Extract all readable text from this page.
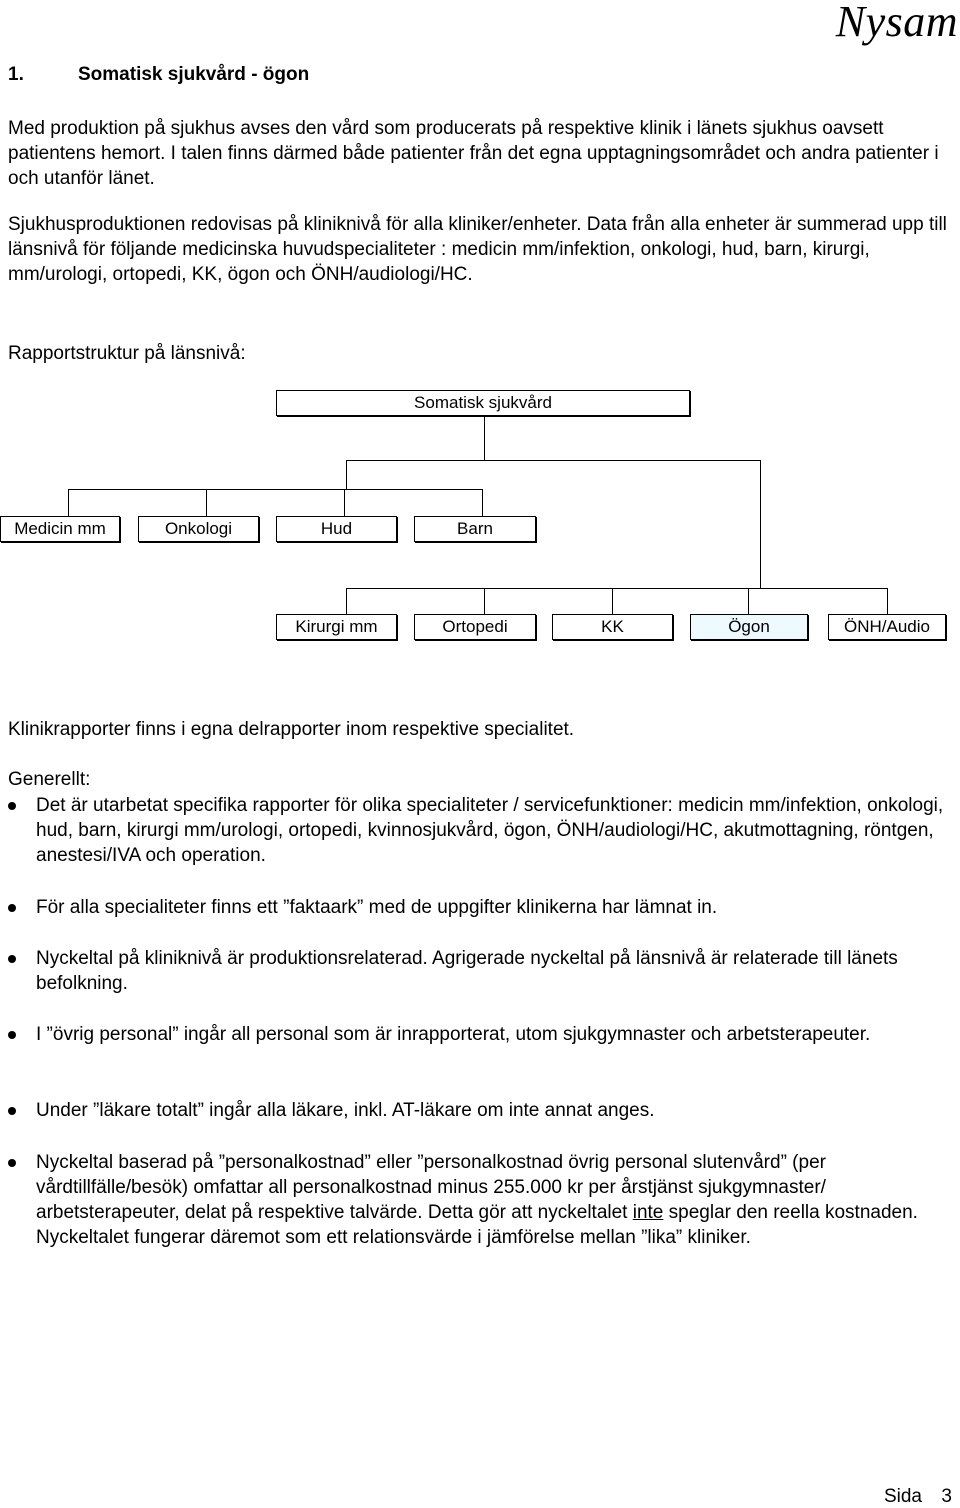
Nysam
1.	Somatisk sjukvård - ögon
Med produktion på sjukhus avses den vård som producerats på respektive klinik i länets sjukhus oavsett patientens hemort. I talen finns därmed både patienter från det egna upptagningsområdet och andra patienter i och utanför länet.
Sjukhusproduktionen redovisas på kliniknivå för alla kliniker/enheter. Data från alla enheter är summerad upp till länsnivå för följande medicinska huvudspecialiteter : medicin mm/infektion, onkologi, hud, barn, kirurgi, mm/urologi, ortopedi, KK, ögon och ÖNH/audiologi/HC.
Rapportstruktur på länsnivå:
Somatisk sjukvård
Medicin mm	Onkologi	Hud	Barn
Kirurgi mm	Ortopedi	KK	Ögon	ÖNH/Audio
Klinikrapporter finns i egna delrapporter inom respektive specialitet.
Generellt:
Det är utarbetat specifika rapporter för olika specialiteter / servicefunktioner: medicin mm/infektion, onkologi, hud, barn, kirurgi mm/urologi, ortopedi, kvinnosjukvård, ögon, ÖNH/audiologi/HC, akutmottagning, röntgen, anestesi/IVA och operation.
För alla specialiteter finns ett ”faktaark” med de uppgifter klinikerna har lämnat in.
Nyckeltal på kliniknivå är produktionsrelaterad. Agrigerade nyckeltal på länsnivå är relaterade till länets befolkning.
I ”övrig personal” ingår all personal som är inrapporterat, utom sjukgymnaster och arbetsterapeuter.
Under ”läkare totalt” ingår alla läkare, inkl. AT-läkare om inte annat anges.
Nyckeltal baserad på ”personalkostnad” eller ”personalkostnad övrig personal slutenvård” (per vårdtillfälle/besök) omfattar all personalkostnad minus 255.000 kr per årstjänst sjukgymnaster/ arbetsterapeuter, delat på respektive talvärde. Detta gör att nyckeltalet inte speglar den reella kostnaden. Nyckeltalet fungerar däremot som ett relationsvärde i jämförelse mellan ”lika” kliniker.
Sida 3
